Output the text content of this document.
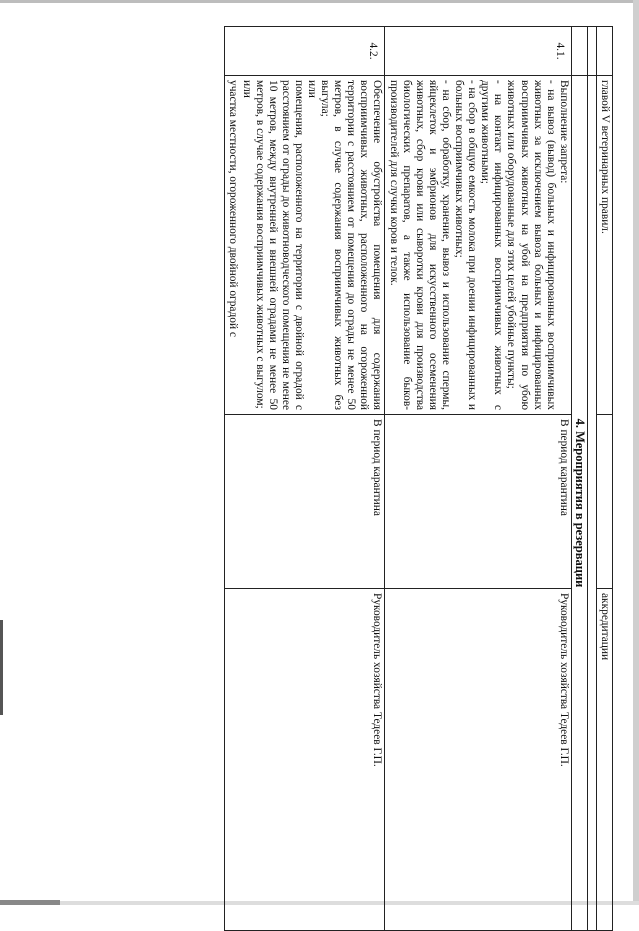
	главой V ветеринарных правил.		аккредитации

	4. Мероприятия в резервации		
4.1.	Выполнение запрета:
- на вывоз (вывод) больных и инфицированных восприимчивых животных за исключением вывоза больных и инфицированных восприимчивых животных на убой на предприятия по убою животных или оборудованные для этих целей убойные пункты;
- на контакт инфицированных восприимчивых животных с другими животными;
- на сбор в общую емкость молока при доении инфицированных и больных восприимчивых животных;
- на сбор, обработку, хранение, вывоз и использование спермы, яйцеклеток и эмбрионов для искусственного осеменения животных, сбор крови или сыворотки крови для производства биологических препаратов, а также использование быков-производителей для случки коров и телок.	В период карантина	Руководитель хозяйства Тедеев Г.П.
4.2.	Обеспечение обустройства помещения для содержания восприимчивых животных, расположенного на огороженной территории с расстоянием от помещения до ограды не менее 50 метров, в случае содержания восприимчивых животных без выгула;
или
помещения, расположенного на территории с двойной оградой с расстоянием от ограды до животноводческого помещения не менее 10 метров, между внутренней и внешней оградами не менее 50 метров, в случае содержания восприимчивых животных с выгулом;
или
участка местности, огороженного двойной оградой с	В период карантина	Руководитель хозяйства Тедеев Г.П.
